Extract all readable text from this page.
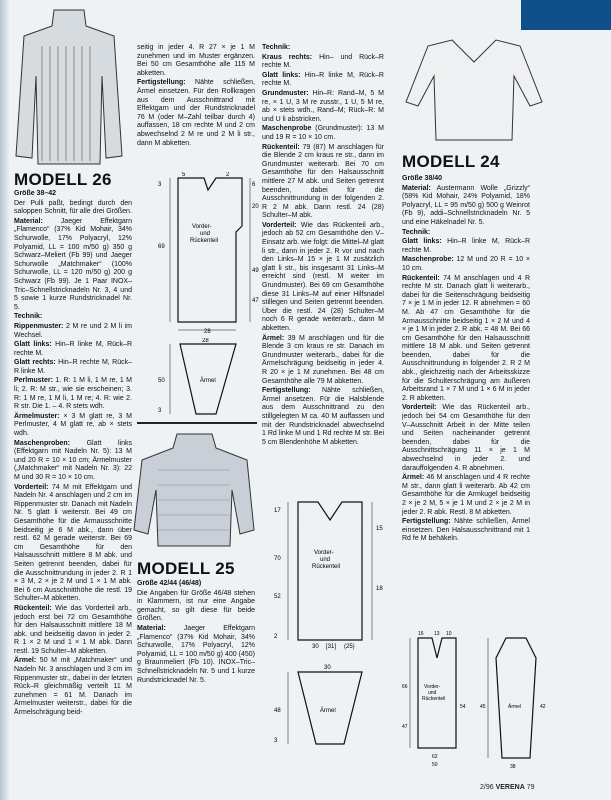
MODELL 26

Größe 38–42

Der Pulli paßt, bedingt durch den saloppen Schnitt, für alle drei Größen.

Material:	Jaeger Effektgarn „Flamenco“ (37% Kid Mohair, 34% Schurwolle, 17% Polyacryl, 12% Polyamid, LL = 100 m/50 g) 350 g Schwarz–Meliert (Fb 99) und Jaeger Schurwolle „Matchmaker“ (100% Schurwolle, LL = 120 m/50 g) 200 g Schwarz (Fb 99). Je 1 Paar INOX–Tric–Schnellstricknadeln Nr. 3, 4 und 5 sowie 1 kurze Rundstricknadel Nr. 5.

Technik:

Rippenmuster: 2 M re und 2 M li im Wechsel.

Glatt links: Hin–R linke M, Rück–R rechte M.

Glatt rechts: Hin–R rechte M, Rück–R linke M.

Perlmuster: 1. R: 1 M li, 1 M re, 1 M li; 2. R: M str., wie sie erscheinen; 3. R: 1 M re, 1 M li, 1 M re; 4. R: wie 2. R str. Die 1. – 4. R stets wdh.

Ärmelmuster: × 3 M glatt re, 3 M Perlmuster, 4 M glatt re, ab × stets wdh.

Maschenproben: Glatt links (Effektgarn mit Nadeln Nr. 5): 13 M und 20 R = 10 × 10 cm; Ärmelmuster („Matchmaker“ mit Nadeln Nr. 3): 22 M und 30 R = 10 × 10 cm.

Vorderteil: 74 M mit Effektgarn und Nadeln Nr. 4 anschlagen und 2 cm im Rippenmuster str. Danach mit Nadeln Nr. 5 glatt li weiterstr. Bei 49 cm Gesamthöhe für die Armausschnitte beidseitig je 6 M abk., dann über restl. 62 M gerade weiterstr. Bei 69 cm Gesamthöhe für den Halsausschnitt mittlere 8 M abk. und Seiten getrennt beenden, dabei für die Ausschnittrundung in jeder 2. R 1 × 3 M, 2 × je 2 M und 1 × 1 M abk. Bei 6 cm Ausschnitthöhe die restl. 19 Schulter–M abketten.

Rückenteil: Wie das Vorderteil arb., jedoch erst bei 72 cm Gesamthöhe für den Halsausschnitt mittlere 18 M abk. und beidseitig davon in jeder 2. R 1 × 2 M und 1 × 1 M abk. Dann restl. 19 Schulter–M abketten.

Ärmel: 50 M mit „Matchmaker“ und Nadeln Nr. 3 anschlagen und 3 cm im Rippenmuster str., dabei in der letzten Rück–R gleichmäßig verteilt 11 M zunehmen = 61 M. Danach im Ärmelmuster weiterstr., dabei für die Ärmelschrägung beid-

seitig in jeder 4. R 27 × je 1 M zunehmen und im Muster ergänzen. Bei 50 cm Gesamthöhe alle 115 M abketten.

Fertigstellung: Nähte schließen, Ärmel einsetzen. Für den Rollkragen aus dem Ausschnittrand mit Effektgarn und der Rundstricknadel 76 M (oder M–Zahl teilbar durch 4) auffassen, 18 cm rechte M und 2 cm abwechselnd 2 M re und 2 M li str., dann M abketten.

MODELL 25

Größe 42/44 (46/48)

Die Angaben für Größe 46/48 stehen in Klammern, ist nur eine Angabe gemacht, so gilt diese für beide Größen.

Material:	Jaeger Effektgarn „Flamenco“ (37% Kid Mohair, 34% Schurwolle, 17% Polyacryl, 12% Polyamid, LL = 100 m/50 g) 400 (450) g Braunmeliert (Fb 10). INOX–Tric–Schnellstricknadeln Nr. 5 und 1 kurze Rundstricknadel Nr. 5.

Technik:

Kraus rechts: Hin– und Rück–R rechte M.

Glatt links: Hin–R linke M, Rück–R rechte M.

Grundmuster: Hin–R: Rand–M, 5 M re, × 1 U, 3 M re zusstr., 1 U, 5 M re, ab × stets wdh., Rand–M; Rück–R: M und U li abstricken.

Maschenprobe (Grundmuster): 13 M und 19 R = 10 × 10 cm.

Rückenteil: 79 (87) M anschlagen für die Blende 2 cm kraus re str., dann im Grundmuster weiterarb. Bei 70 cm Gesamthöhe für den Halsausschnitt mittlere 27 M abk. und Seiten getrennt beenden, dabei für die Ausschnittrundung in der folgenden 2. R 2 M abk. Dann restl. 24 (28) Schulter–M abk.

Vorderteil: Wie das Rückenteil arb., jedoch ab 52 cm Gesamthöhe den V–Einsatz arb. wie folgt: die Mittel–M glatt li str., dann in jeder 2. R vor und nach den Links–M 15 × je 1 M zusätzlich glatt li str., bis insgesamt 31 Links–M erreicht sind (restl. M weiter im Grundmuster). Bei 69 cm Gesamthöhe diese 31 Links–M auf einer Hilfsnadel stillegen und Seiten getrennt beenden. Über die restl. 24 (28) Schulter–M noch 6 R gerade weiterarb., dann M abketten.

Ärmel: 39 M anschlagen und für die Blende 3 cm kraus re str. Danach im Grundmuster weiterarb., dabei für die Ärmelschrägung beidseitig in jeder 4. R 20 × je 1 M zunehmen. Bei 48 cm Gesamthöhe alle 79 M abketten.

Fertigstellung: Nähte schließen, Ärmel ansetzen. Für die Halsblende aus dem Ausschnittrand zu den stillgelegten M ca. 40 M auffassen und mit der Rundstricknadel abwechselnd 1 Rd linke M und 1 Rd rechte M str. Bei 5 cm Blendenhöhe M abketten.

MODELL 24

Größe 38/40

Material: Austermann Wolle „Grizzly“ (58% Kid Mohair, 24% Polyamid, 18% Polyacryl, LL = 95 m/50 g) 500 g Weinrot (Fb 9), addi–Schnellstricknadeln Nr. 5 und eine Häkelnadel Nr. 5.

Technik:

Glatt links: Hin–R linke M, Rück–R rechte M.

Maschenprobe: 12 M und 20 R = 10 × 10 cm.

Rückenteil: 74 M anschlagen und 4 R rechte M str. Danach glatt li weiterarb., dabei für die Seitenschrägung beidseitig 7 × je 1 M in jeder 12. R abnehmen = 60 M. Ab 47 cm Gesamthöhe für die Armausschnitte beidseitig 1 × 2 M und 4 × je 1 M in jeder 2. R abk. = 48 M. Bei 66 cm Gesamthöhe für den Halsausschnitt mittlere 18 M abk. und Seiten getrennt beenden, dabei für die Ausschnittrundung in folgender 2. R 2 M abk., gleichzeitig nach der Arbeitsskizze für die Schulterschrägung am äußeren Arbeitsrand 1 × 7 M und 1 × 6 M in jeder 2. R abketten.

Vorderteil: Wie das Rückenteil arb., jedoch bei 54 cm Gesamthöhe für den V–Ausschnitt Arbeit in der Mitte teilen und Seiten nacheinander getrennt beenden, dabei für die Ausschnittschrägung 11 × je 1 M abwechselnd in jeder 2. und darauffolgenden 4. R abnehmen.

Ärmel: 46 M anschlagen und 4 R rechte M str., dann glatt li weiterarb. Ab 42 cm Gesamthöhe für die Armkugel beidseitig 2 × je 2 M, 5 × je 1 M und 2 × je 2 M in jeder 2. R abk. Restl. 8 M abketten.

Fertigstellung: Nähte schließen, Ärmel einsetzen. Den Halsausschnittrand mit 1 Rd fe M behäkeln.

Vorder-
und
Rückenteil
69
49
47
20
6
3
28
5	2
Ärmel
50
3
28
Vorder-
und
Rückenteil
70
52
2
17
15
18
30 [31] (25)
Ärmel
48
3
30
Vorder-
und
Rückenteil
66
47
54
62
50
16 13 10
Ärmel	42
45
38
2/96 VERENA 79
PassionForum.ru
